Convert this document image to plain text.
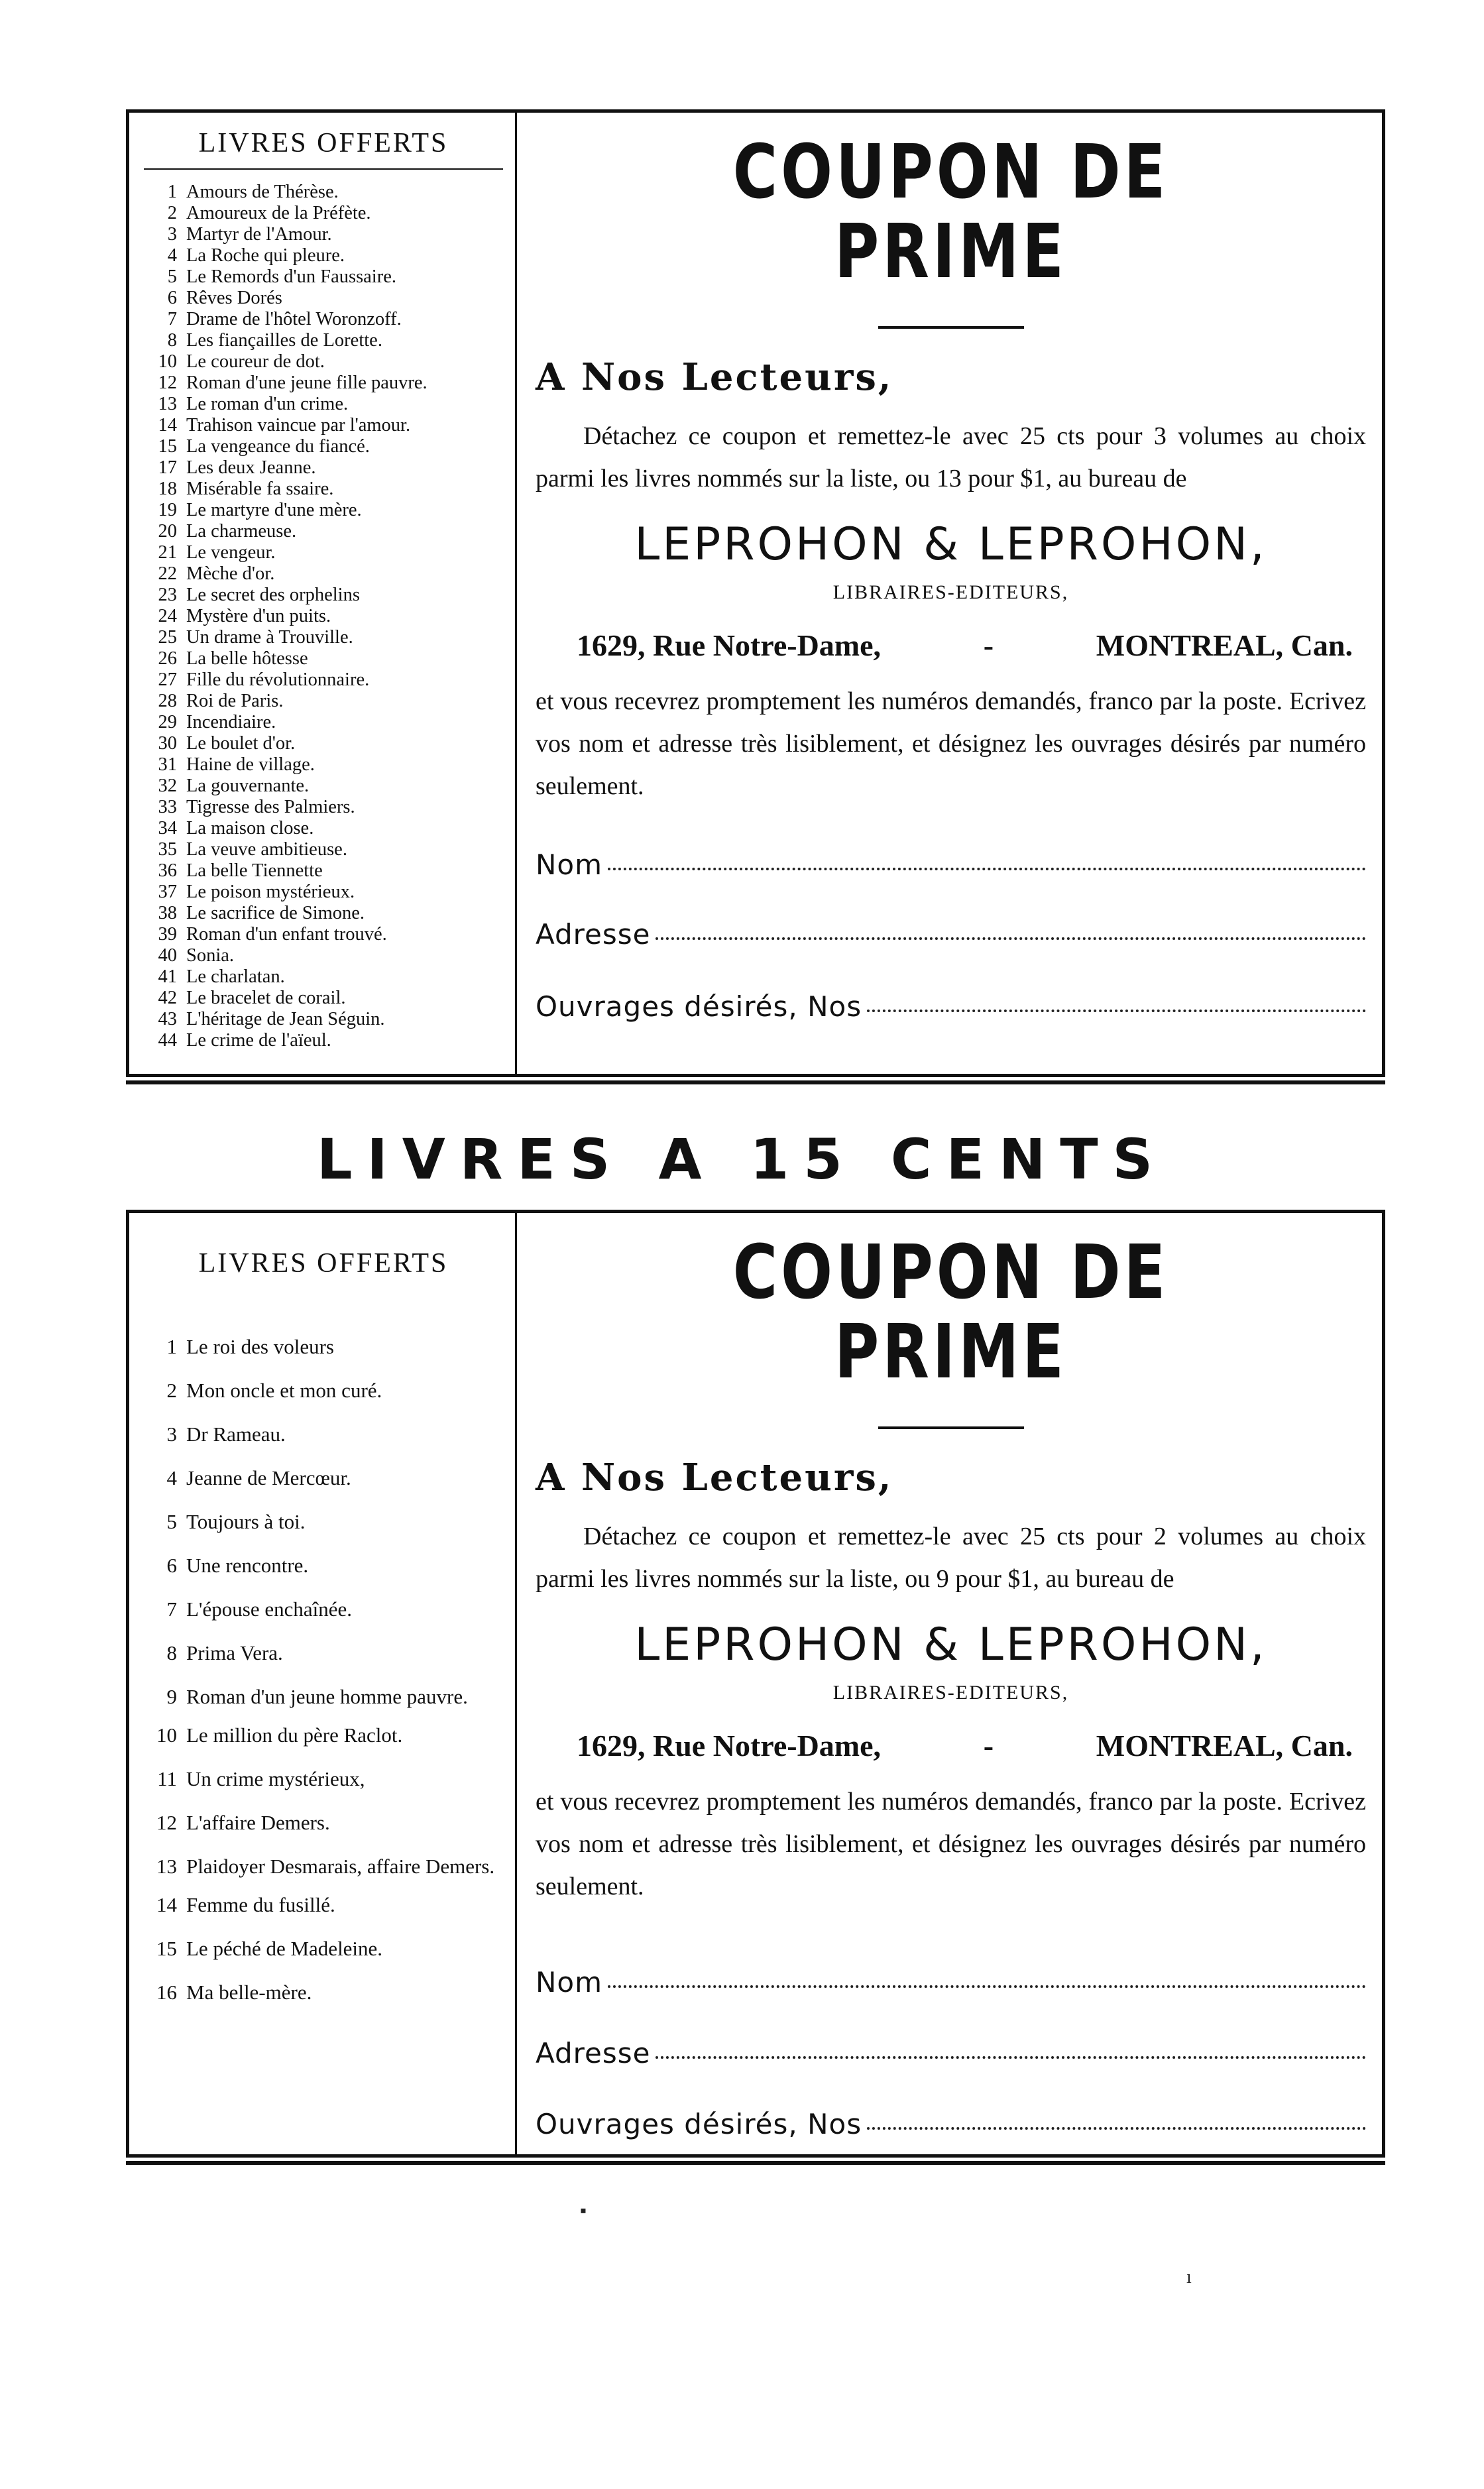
LIVRES OFFERTS
1 Amours de Thérèse.
2 Amoureux de la Préfète.
3 Martyr de l'Amour.
4 La Roche qui pleure.
5 Le Remords d'un Faussaire.
6 Rêves Dorés
7 Drame de l'hôtel Woronzoff.
8 Les fiançailles de Lorette.
10 Le coureur de dot.
12 Roman d'une jeune fille pauvre.
13 Le roman d'un crime.
14 Trahison vaincue par l'amour.
15 La vengeance du fiancé.
17 Les deux Jeanne.
18 Misérable fa ssaire.
19 Le martyre d'une mère.
20 La charmeuse.
21 Le vengeur.
22 Mèche d'or.
23 Le secret des orphelins
24 Mystère d'un puits.
25 Un drame à Trouville.
26 La belle hôtesse
27 Fille du révolutionnaire.
28 Roi de Paris.
29 Incendiaire.
30 Le boulet d'or.
31 Haine de village.
32 La gouvernante.
33 Tigresse des Palmiers.
34 La maison close.
35 La veuve ambitieuse.
36 La belle Tiennette
37 Le poison mystérieux.
38 Le sacrifice de Simone.
39 Roman d'un enfant trouvé.
40 Sonia.
41 Le charlatan.
42 Le bracelet de corail.
43 L'héritage de Jean Séguin.
44 Le crime de l'aïeul.
COUPON DE PRIME
A Nos Lecteurs,
Détachez ce coupon et remettez-le avec 25 cts pour 3 volumes au choix parmi les livres nommés sur la liste, ou 13 pour $1, au bureau de
LEPROHON & LEPROHON,
LIBRAIRES-EDITEURS,
1629, Rue Notre-Dame,	-	MONTREAL, Can.
et vous recevrez promptement les numéros demandés, franco par la poste. Ecrivez vos nom et adresse très lisiblement, et désignez les ouvrages désirés par numéro seulement.
Nom
Adresse
Ouvrages désirés, Nos
LIVRES A 15 CENTS
LIVRES OFFERTS
1 Le roi des voleurs
2 Mon oncle et mon curé.
3 Dr Rameau.
4 Jeanne de Mercœur.
5 Toujours à toi.
6 Une rencontre.
7 L'épouse enchaînée.
8 Prima Vera.
9 Roman d'un jeune homme pauvre.
10 Le million du père Raclot.
11 Un crime mystérieux,
12 L'affaire Demers.
13 Plaidoyer Desmarais, affaire Demers.
14 Femme du fusillé.
15 Le péché de Madeleine.
16 Ma belle-mère.
COUPON DE PRIME
A Nos Lecteurs,
Détachez ce coupon et remettez-le avec 25 cts pour 2 volumes au choix parmi les livres nommés sur la liste, ou 9 pour $1, au bureau de
LEPROHON & LEPROHON,
LIBRAIRES-EDITEURS,
1629, Rue Notre-Dame,	-	MONTREAL, Can.
et vous recevrez promptement les numéros demandés, franco par la poste. Ecrivez vos nom et adresse très lisiblement, et désignez les ouvrages désirés par numéro seulement.
Nom
Adresse
Ouvrages désirés, Nos
▪
ı
